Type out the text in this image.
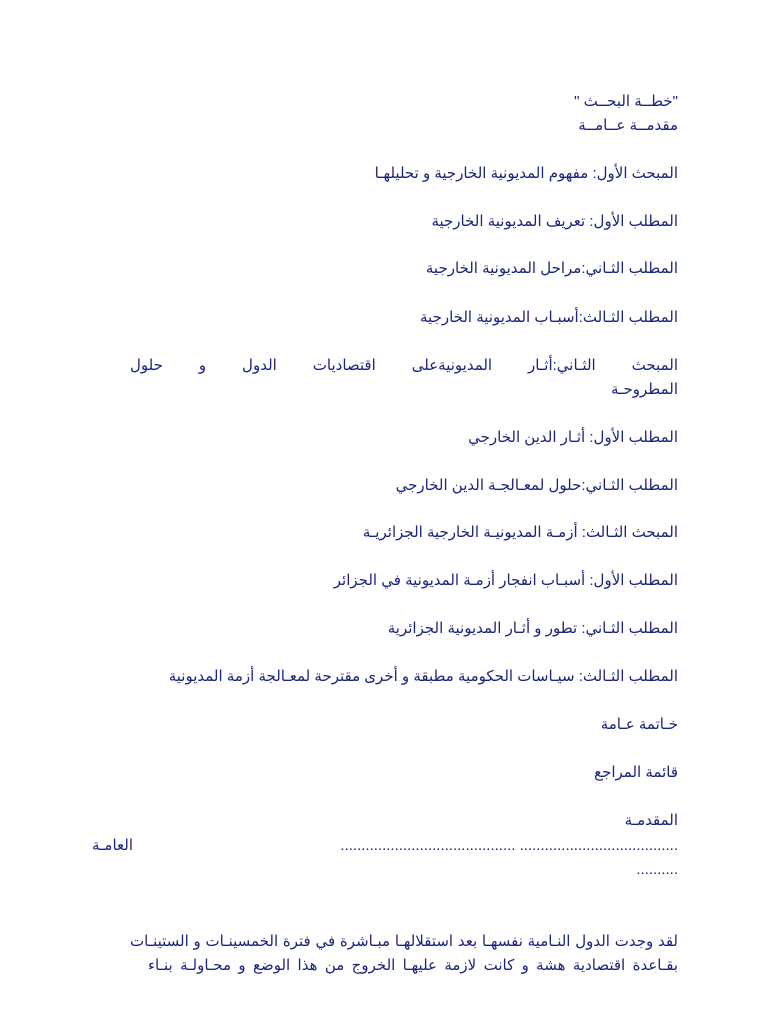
"خطــة البحــث "
مقدمــة عــامــة
المبحث الأول: مفهوم المديونية الخارجية و تحليلهـا
المطلب الأول: تعريف المديونية الخارجية
المطلب الثـاني:مراحل المديونية الخارجية
المطلب الثـالث:أسبـاب المديونية الخارجية
المبحث الثـاني:أثـار المديونيةعلى اقتصاديات الدول و حلول
المطروحـة
المطلب الأول: أثـار الدين الخارجي
المطلب الثـاني:حلول لمعـالجـة الدين الخارجي
المبحث الثـالث: أزمـة المديونيـة الخارجية الجزائريـة
المطلب الأول: أسبـاب انفجار أزمـة المديونية في الجزائر
المطلب الثـاني: تطور و أثـار المديونية الجزائرية
المطلب الثـالث: سيـاسات الحكومية مطبقة و أخرى مقترحة لمعـالجة أزمة المديونية
خـاتمة عـامة
قائمة المراجع
المقدمـة
العامـة	.......................................... ......................................
..........
لقد وجدت الدول النـامية نفسهـا بعد استقلالهـا مبـاشرة في فترة الخمسينـات و الستينـات
بقـاعدة اقتصادية هشة و كانت لازمة عليهـا الخروج من هذا الوضع و محـاولـة بنـاء
